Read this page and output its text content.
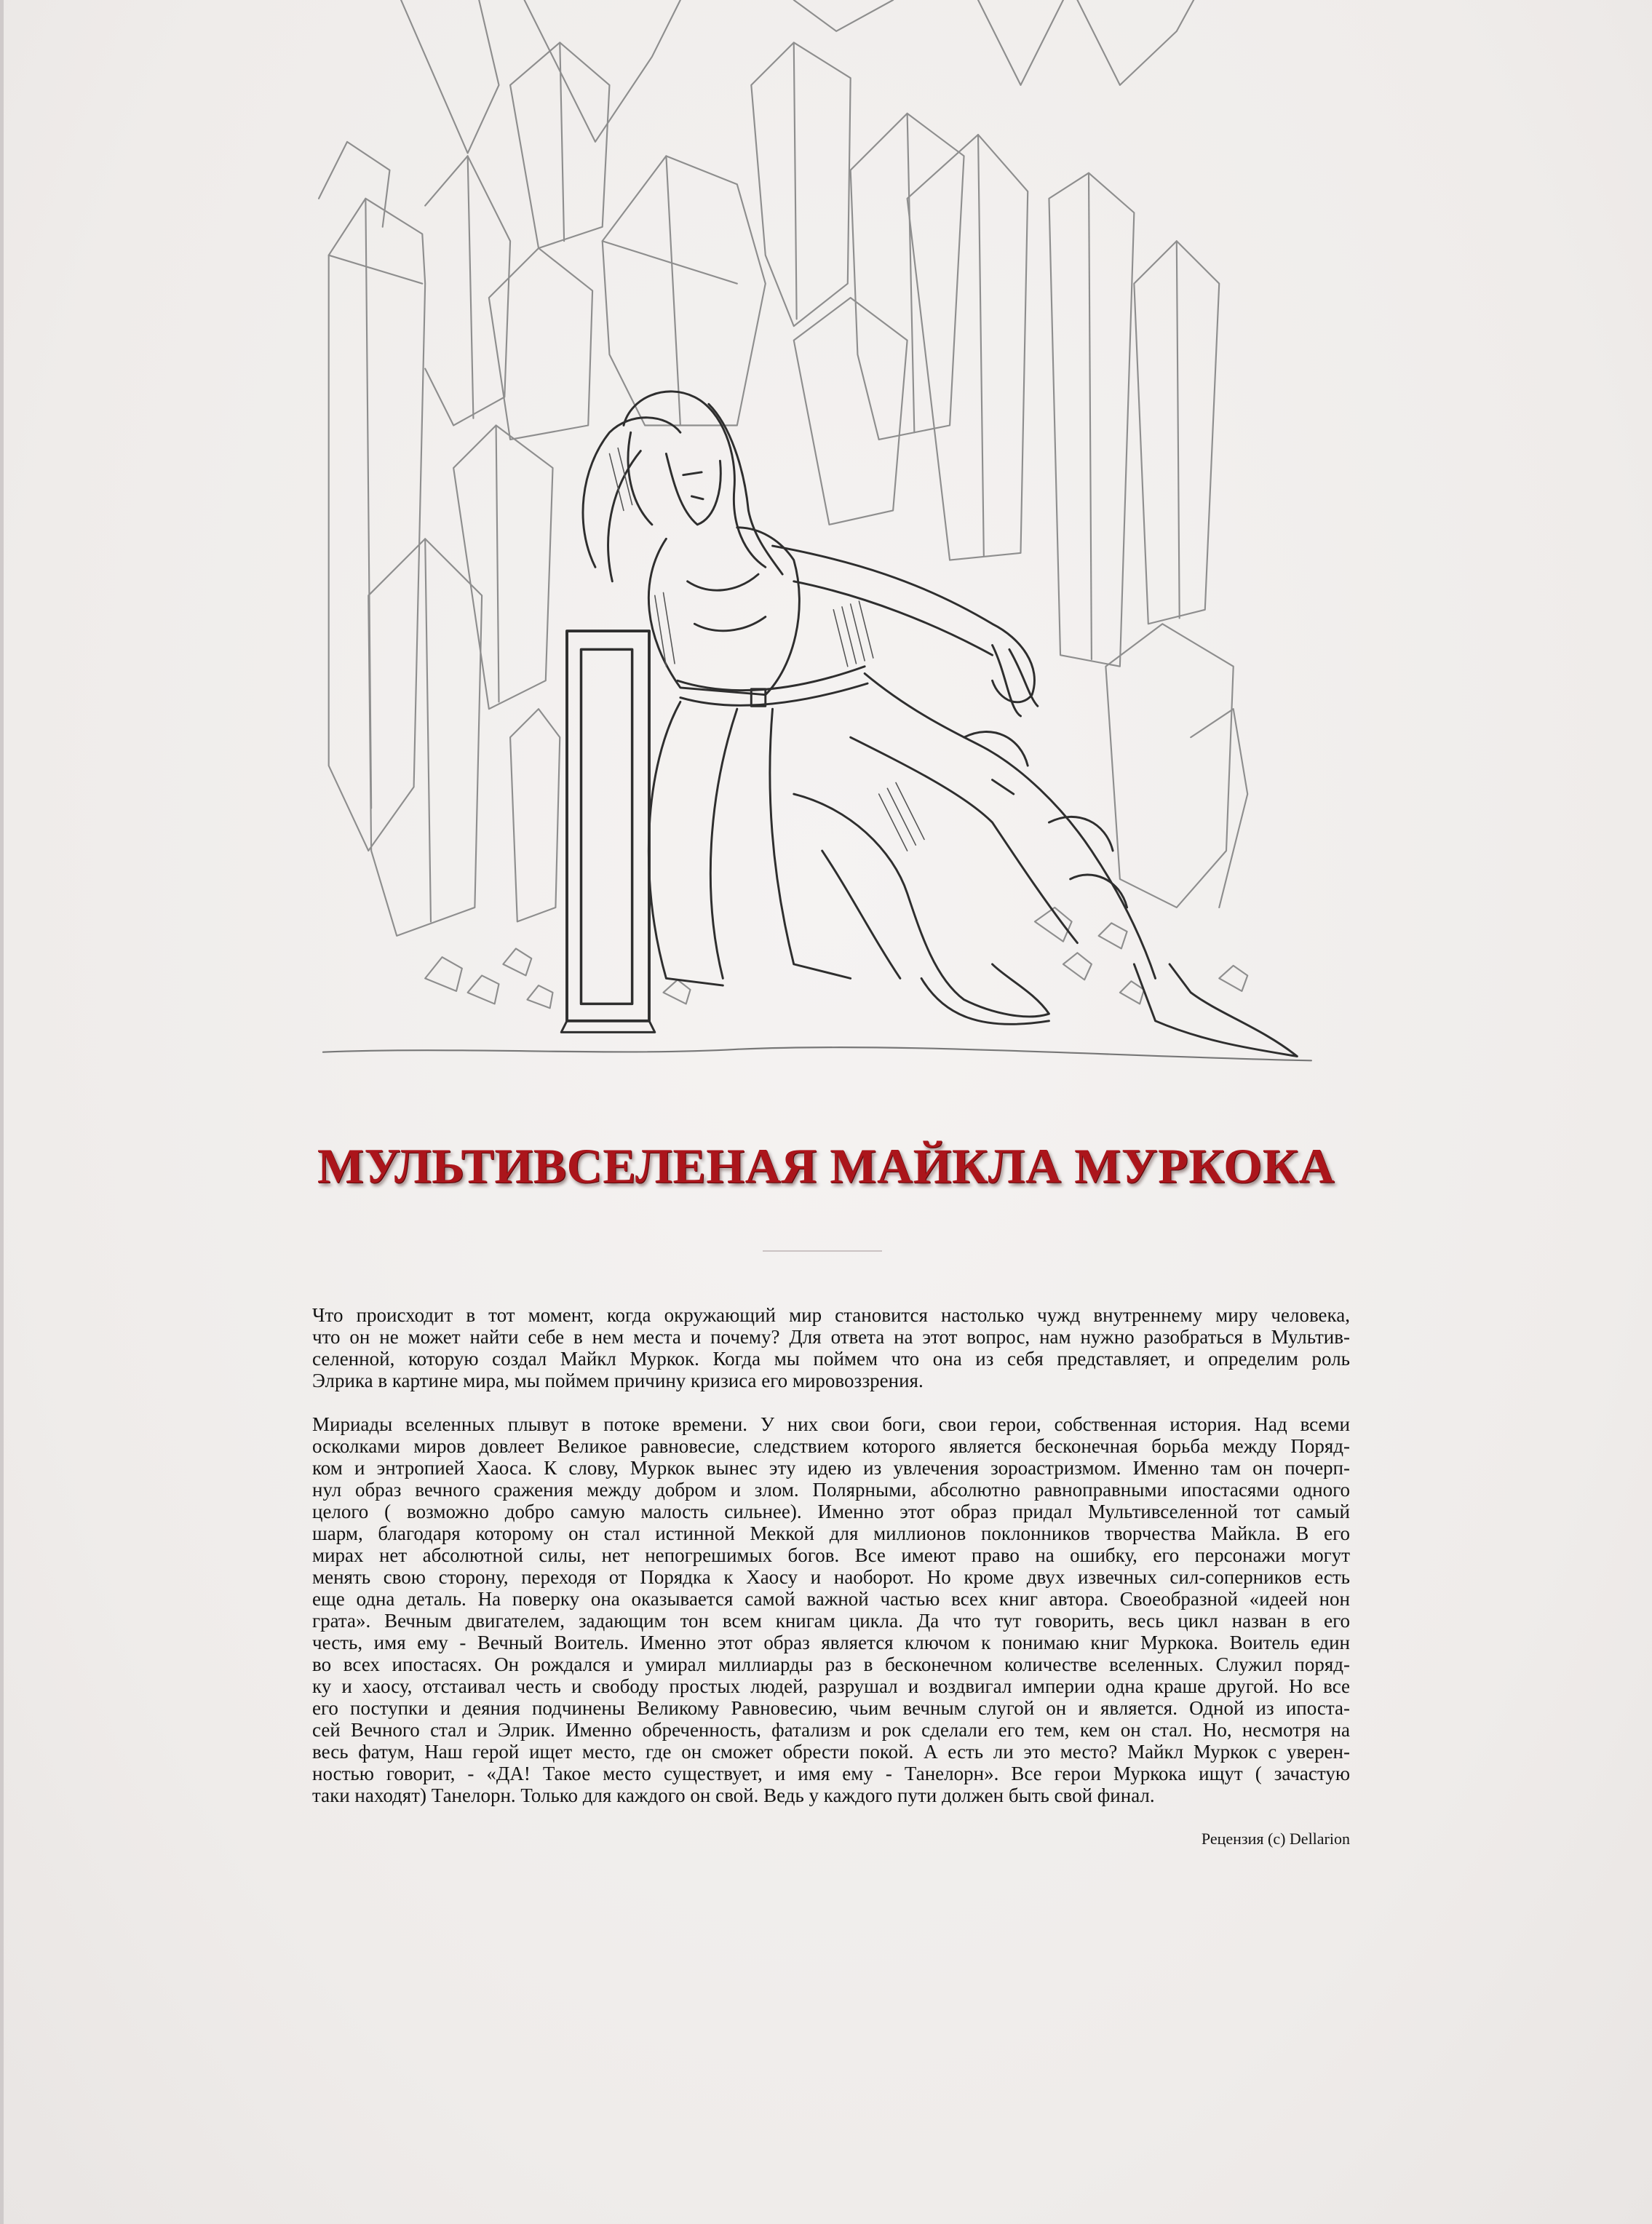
МУЛЬТИВСЕЛЕНАЯ МАЙКЛА МУРКОКА
Что происходит в тот момент, когда окружающий мир становится настолько чужд внутреннему миру человека,
что он не может найти себе в нем места и почему? Для ответа на этот вопрос, нам нужно разобраться в Мультив-
селенной, которую создал Майкл Муркок. Когда мы поймем что она из себя представляет, и определим роль
Элрика в картине мира, мы поймем причину кризиса его мировоззрения.
Мириады вселенных плывут в потоке времени. У них свои боги, свои герои, собственная история. Над всеми
осколками миров довлеет Великое равновесие, следствием которого является бесконечная борьба между Поряд-
ком и энтропией Хаоса. К слову, Муркок вынес эту идею из увлечения зороастризмом. Именно там он почерп-
нул образ вечного сражения между добром и злом. Полярными, абсолютно равноправными ипостасями одного
целого ( возможно добро самую малость сильнее). Именно этот образ придал Мультивселенной тот самый
шарм, благодаря которому он стал истинной Меккой для миллионов поклонников творчества Майкла. В его
мирах нет абсолютной силы, нет непогрешимых богов. Все имеют право на ошибку, его персонажи могут
менять свою сторону, переходя от Порядка к Хаосу и наоборот. Но кроме двух извечных сил-соперников есть
еще одна деталь. На поверку она оказывается самой важной частью всех книг автора. Своеобразной «идеей нон
грата». Вечным двигателем, задающим тон всем книгам цикла. Да что тут говорить, весь цикл назван в его
честь, имя ему - Вечный Воитель. Именно этот образ является ключом к понимаю книг Муркока. Воитель един
во всех ипостасях. Он рождался и умирал миллиарды раз в бесконечном количестве вселенных. Служил поряд-
ку и хаосу, отстаивал честь и свободу простых людей, разрушал и воздвигал империи одна краше другой. Но все
его поступки и деяния подчинены Великому Равновесию, чьим вечным слугой он и является. Одной из ипоста-
сей Вечного стал и Элрик. Именно обреченность, фатализм и рок сделали его тем, кем он стал. Но, несмотря на
весь фатум, Наш герой ищет место, где он сможет обрести покой. А есть ли это место? Майкл Муркок с уверен-
ностью говорит, - «ДА! Такое место существует, и имя ему - Танелорн». Все герои Муркока ищут ( зачастую
таки находят) Танелорн. Только для каждого он свой. Ведь у каждого пути должен быть свой финал.
Рецензия (c) Dellarion
